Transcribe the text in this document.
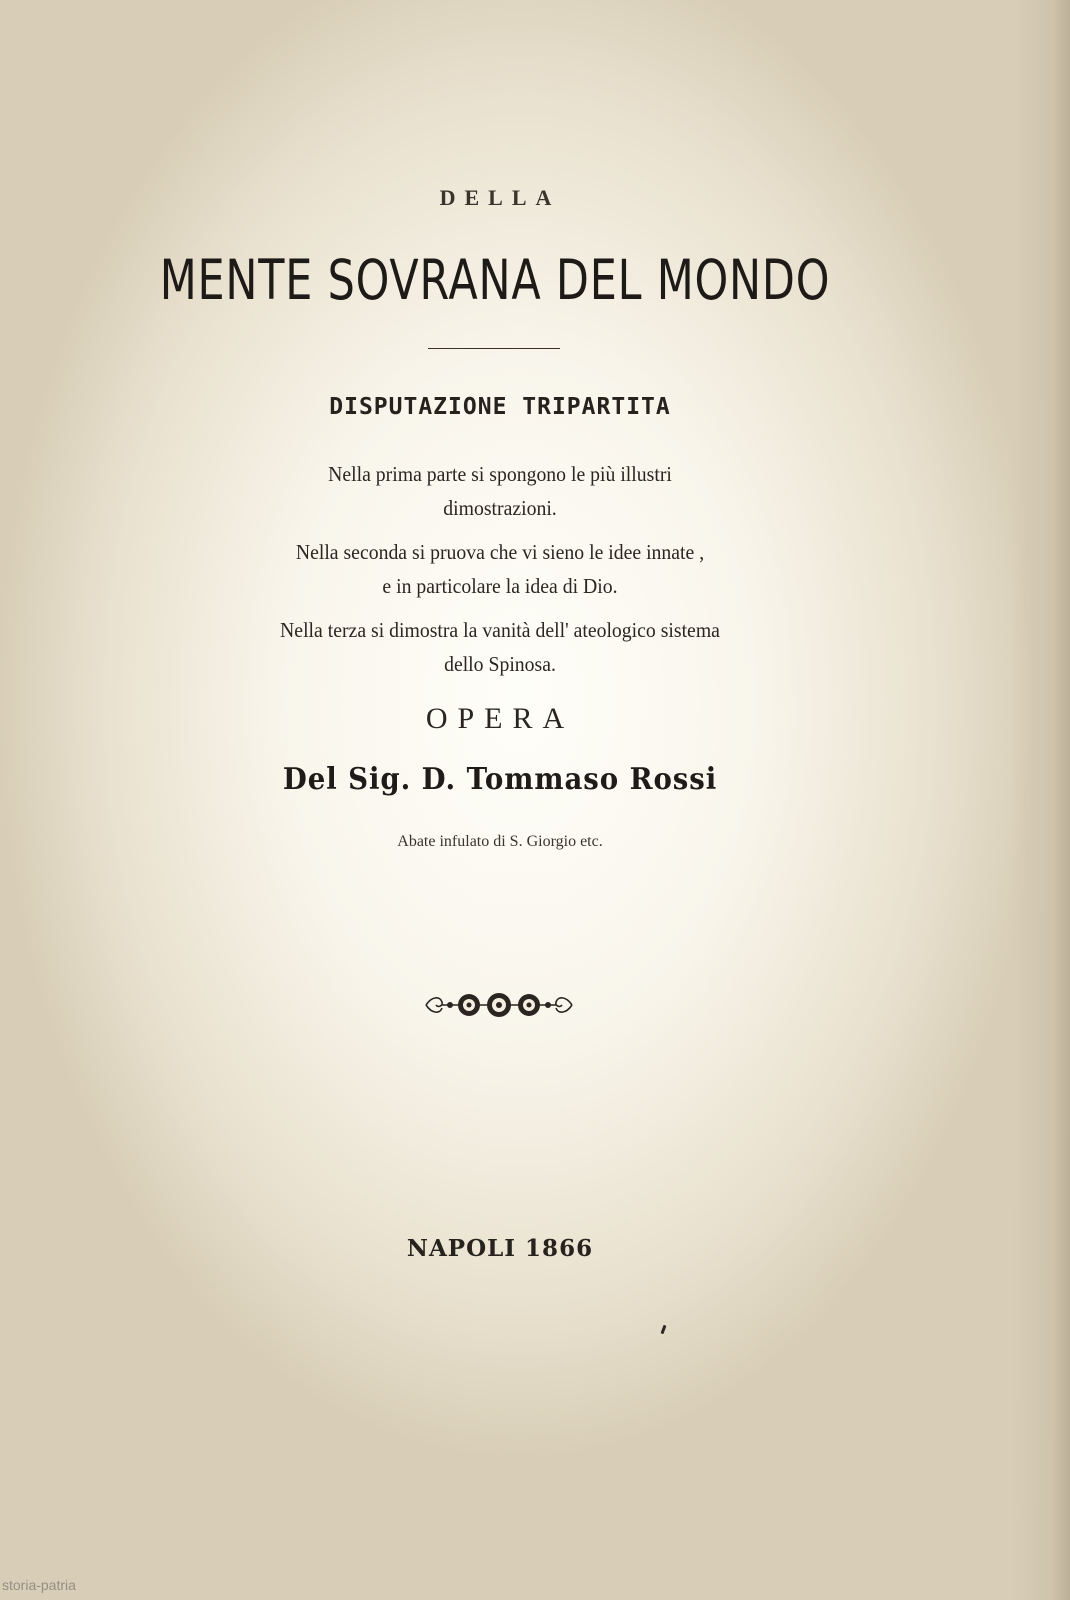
DELLA
MENTE SOVRANA DEL MONDO
DISPUTAZIONE TRIPARTITA
Nella prima parte si spongono le più illustri
dimostrazioni.
Nella seconda si pruova che vi sieno le idee innate ,
e in particolare la idea di Dio.
Nella terza si dimostra la vanità dell' ateologico sistema
dello Spinosa.
OPERA
Del Sig. D. Tommaso Rossi
Abate infulato di S. Giorgio etc.
NAPOLI 1866
storia-patria
